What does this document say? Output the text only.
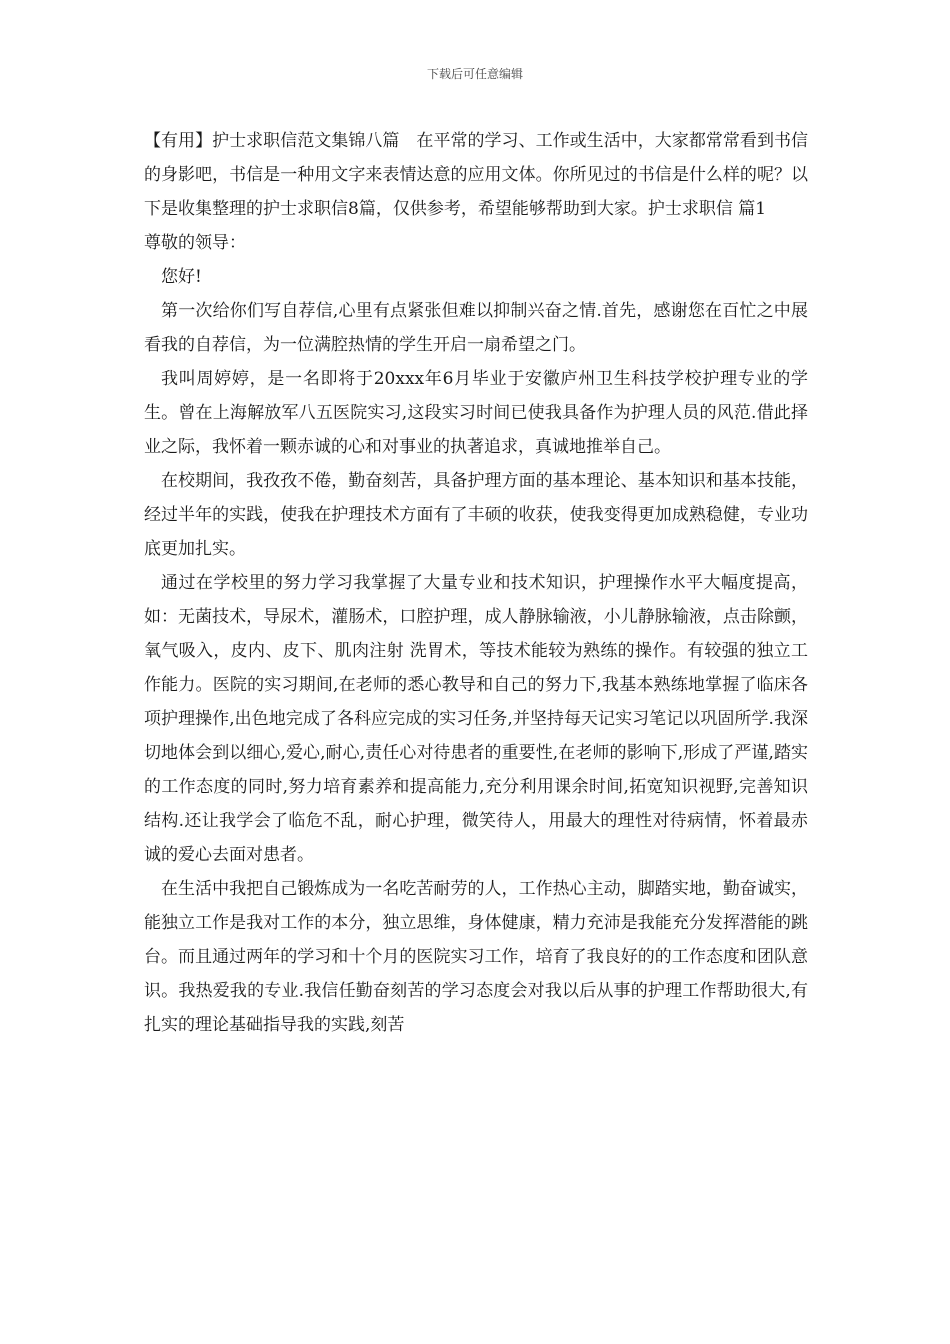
下载后可任意编辑

【有用】护士求职信范文集锦八篇　在平常的学习、工作或生活中，大家都常常看到书信的身影吧，书信是一种用文字来表情达意的应用文体。你所见过的书信是什么样的呢？以下是收集整理的护士求职信8篇，仅供参考，希望能够帮助到大家。护士求职信 篇1

尊敬的领导：

您好!

第一次给你们写自荐信,心里有点紧张但难以抑制兴奋之情.首先，感谢您在百忙之中展看我的自荐信，为一位满腔热情的学生开启一扇希望之门。

我叫周婷婷，是一名即将于20xxx年6月毕业于安徽庐州卫生科技学校护理专业的学生。曾在上海解放军八五医院实习,这段实习时间已使我具备作为护理人员的风范.借此择业之际，我怀着一颗赤诚的心和对事业的执著追求，真诚地推举自己。

在校期间，我孜孜不倦，勤奋刻苦，具备护理方面的基本理论、基本知识和基本技能，经过半年的实践，使我在护理技术方面有了丰硕的收获，使我变得更加成熟稳健，专业功底更加扎实。

通过在学校里的努力学习我掌握了大量专业和技术知识，护理操作水平大幅度提高，如：无菌技术，导尿术，灌肠术，口腔护理，成人静脉输液，小儿静脉输液，点击除颤，氧气吸入，皮内、皮下、肌肉注射 洗胃术，等技术能较为熟练的操作。有较强的独立工作能力。医院的实习期间,在老师的悉心教导和自己的努力下,我基本熟练地掌握了临床各项护理操作,出色地完成了各科应完成的实习任务,并坚持每天记实习笔记以巩固所学.我深切地体会到以细心,爱心,耐心,责任心对待患者的重要性,在老师的影响下,形成了严谨,踏实的工作态度的同时,努力培育素养和提高能力,充分利用课余时间,拓宽知识视野,完善知识结构.还让我学会了临危不乱，耐心护理，微笑待人，用最大的理性对待病情，怀着最赤诚的爱心去面对患者。

在生活中我把自己锻炼成为一名吃苦耐劳的人，工作热心主动，脚踏实地，勤奋诚实，能独立工作是我对工作的本分，独立思维，身体健康，精力充沛是我能充分发挥潜能的跳台。而且通过两年的学习和十个月的医院实习工作，培育了我良好的的工作态度和团队意识。我热爱我的专业.我信任勤奋刻苦的学习态度会对我以后从事的护理工作帮助很大,有扎实的理论基础指导我的实践,刻苦
